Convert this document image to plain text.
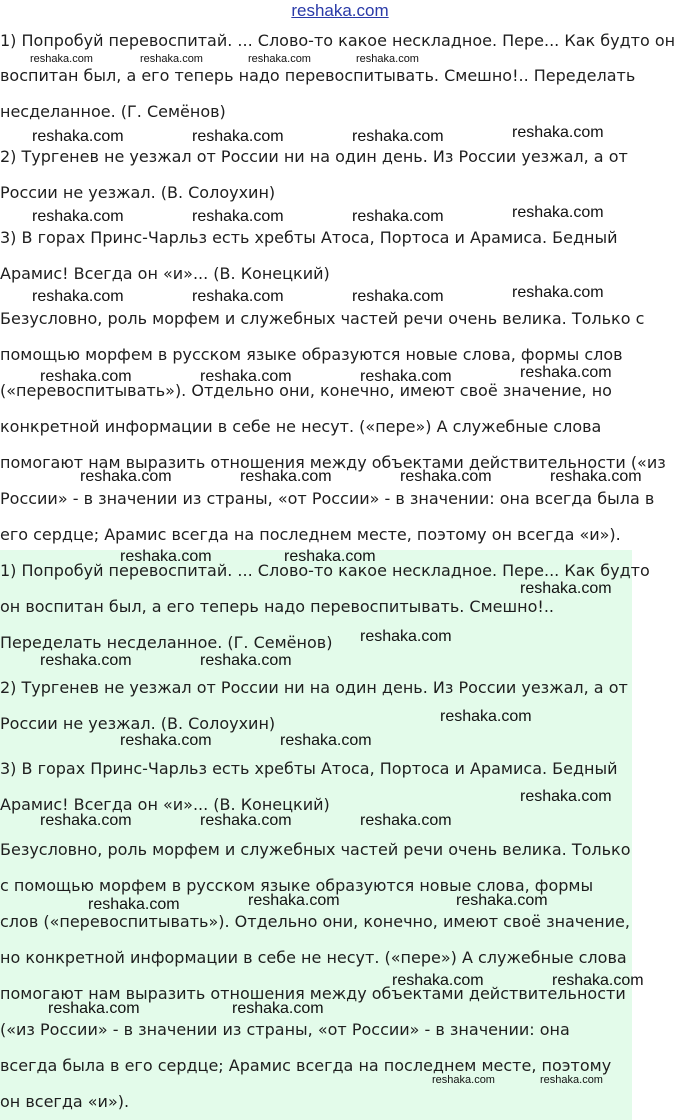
reshaka.com
1) Попробуй перевоспитай. ... Слово-то какое нескладное. Пере... Как будто он
воспитан был, а его теперь надо перевоспитывать. Смешно!.. Переделать
несделанное. (Г. Семёнов)
2) Тургенев не уезжал от России ни на один день. Из России уезжал, а от
России не уезжал. (В. Солоухин)
3) В горах Принс-Чарльз есть хребты Атоса, Портоса и Арамиса. Бедный
Арамис! Всегда он «и»... (В. Конецкий)
Безусловно, роль морфем и служебных частей речи очень велика. Только с
помощью морфем в русском языке образуются новые слова, формы слов
(«перевоспитывать»). Отдельно они, конечно, имеют своё значение, но
конкретной информации в себе не несут. («пере») А служебные слова
помогают нам выразить отношения между объектами действительности («из
России» - в значении из страны, «от России» - в значении: она всегда была в
его сердце; Арамис всегда на последнем месте, поэтому он всегда «и»).
1) Попробуй перевоспитай. ... Слово-то какое нескладное. Пере... Как будто
он воспитан был, а его теперь надо перевоспитывать. Смешно!..
Переделать несделанное. (Г. Семёнов)
2) Тургенев не уезжал от России ни на один день. Из России уезжал, а от
России не уезжал. (В. Солоухин)
3) В горах Принс-Чарльз есть хребты Атоса, Портоса и Арамиса. Бедный
Арамис! Всегда он «и»... (В. Конецкий)
Безусловно, роль морфем и служебных частей речи очень велика. Только
с помощью морфем в русском языке образуются новые слова, формы
слов («перевоспитывать»). Отдельно они, конечно, имеют своё значение,
но конкретной информации в себе не несут. («пере») А служебные слова
помогают нам выразить отношения между объектами действительности
(«из России» - в значении из страны, «от России» - в значении: она
всегда была в его сердце; Арамис всегда на последнем месте, поэтому
он всегда «и»).
reshaka.com	reshaka.com	reshaka.com	reshaka.com
reshaka.com	reshaka.com	reshaka.com	reshaka.com
reshaka.com	reshaka.com	reshaka.com	reshaka.com
reshaka.com	reshaka.com	reshaka.com	reshaka.com
reshaka.com	reshaka.com	reshaka.com	reshaka.com
reshaka.com	reshaka.com	reshaka.com	reshaka.com
reshaka.com	reshaka.com
reshaka.com
reshaka.com
reshaka.com	reshaka.com
reshaka.com
reshaka.com	reshaka.com
reshaka.com
reshaka.com	reshaka.com	reshaka.com
reshaka.com	reshaka.com
reshaka.com
reshaka.com	reshaka.com
reshaka.com	reshaka.com
reshaka.com	reshaka.com
